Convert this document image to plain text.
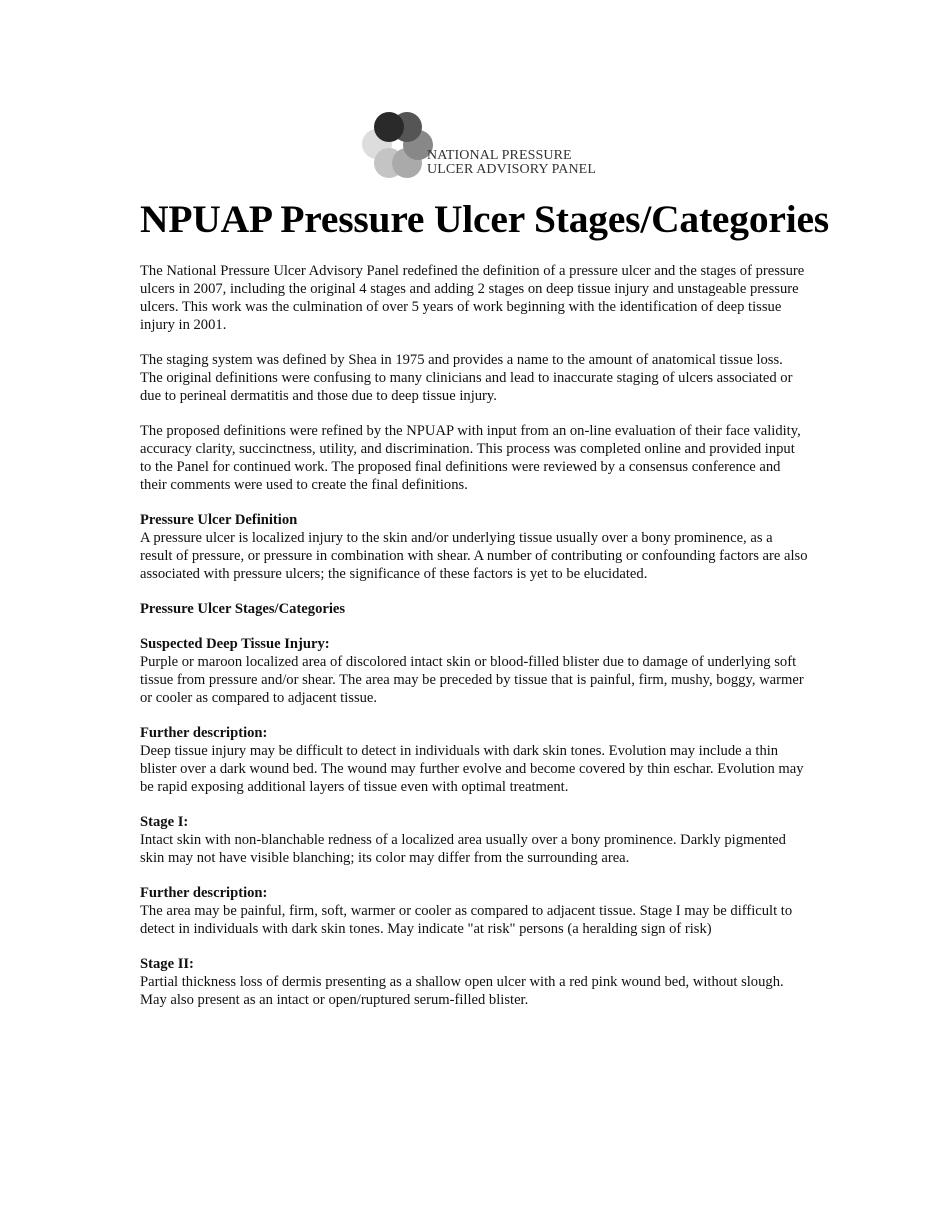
NATIONAL PRESSURE
ULCER ADVISORY PANEL
NPUAP Pressure Ulcer Stages/Categories

The National Pressure Ulcer Advisory Panel redefined the definition of a pressure ulcer and the stages of pressure ulcers in 2007, including the original 4 stages and adding 2 stages on deep tissue injury and unstageable pressure ulcers. This work was the culmination of over 5 years of work beginning with the identification of deep tissue injury in 2001.

The staging system was defined by Shea in 1975 and provides a name to the amount of anatomical tissue loss. The original definitions were confusing to many clinicians and lead to inaccurate staging of ulcers associated or due to perineal dermatitis and those due to deep tissue injury.

The proposed definitions were refined by the NPUAP with input from an on-line evaluation of their face validity, accuracy clarity, succinctness, utility, and discrimination. This process was completed online and provided input to the Panel for continued work. The proposed final definitions were reviewed by a consensus conference and their comments were used to create the final definitions.

Pressure Ulcer Definition
A pressure ulcer is localized injury to the skin and/or underlying tissue usually over a bony prominence, as a result of pressure, or pressure in combination with shear. A number of contributing or confounding factors are also associated with pressure ulcers; the significance of these factors is yet to be elucidated.

Pressure Ulcer Stages/Categories

Suspected Deep Tissue Injury:
Purple or maroon localized area of discolored intact skin or blood-filled blister due to damage of underlying soft tissue from pressure and/or shear. The area may be preceded by tissue that is painful, firm, mushy, boggy, warmer or cooler as compared to adjacent tissue.

Further description:
Deep tissue injury may be difficult to detect in individuals with dark skin tones. Evolution may include a thin blister over a dark wound bed. The wound may further evolve and become covered by thin eschar. Evolution may be rapid exposing additional layers of tissue even with optimal treatment.

Stage I:
Intact skin with non-blanchable redness of a localized area usually over a bony prominence. Darkly pigmented skin may not have visible blanching; its color may differ from the surrounding area.

Further description:
The area may be painful, firm, soft, warmer or cooler as compared to adjacent tissue. Stage I may be difficult to detect in individuals with dark skin tones. May indicate "at risk" persons (a heralding sign of risk)

Stage II:
Partial thickness loss of dermis presenting as a shallow open ulcer with a red pink wound bed, without slough. May also present as an intact or open/ruptured serum-filled blister.
